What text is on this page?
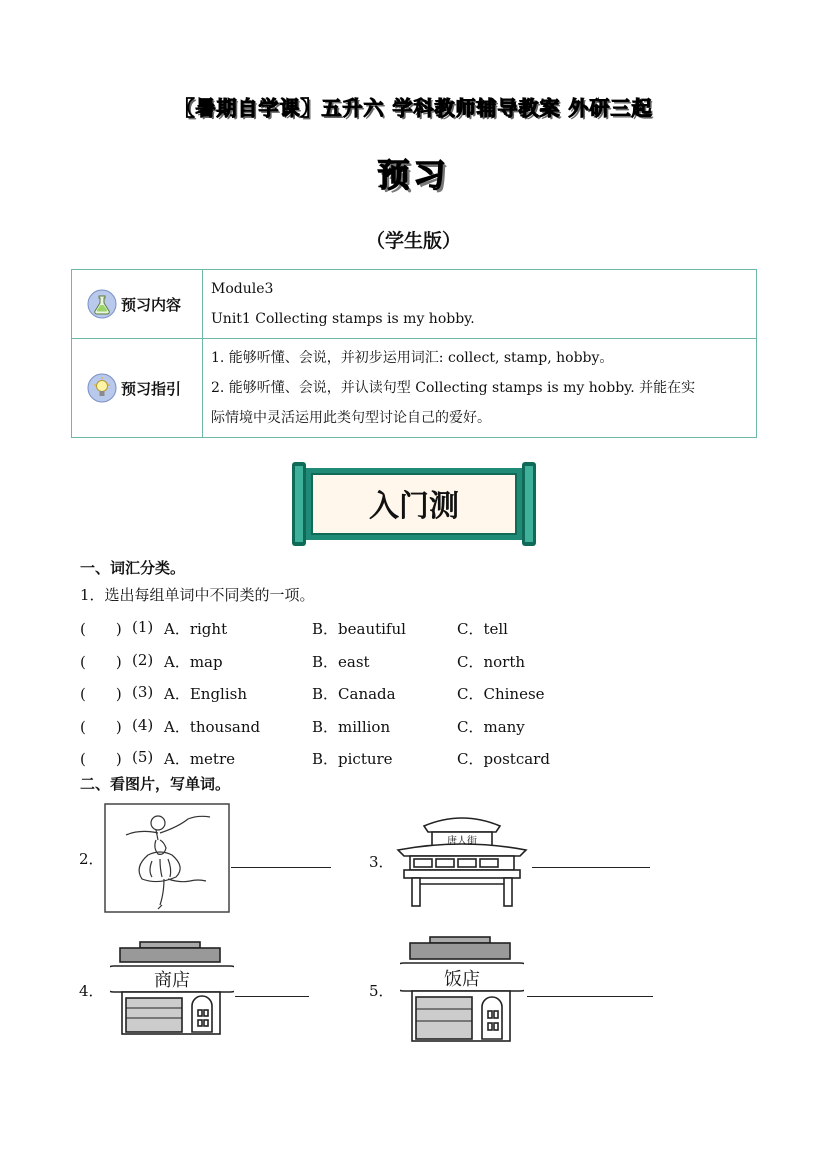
【暑期自学课】五升六 学科教师辅导教案 外研三起
预习
（学生版）
预习内容	Module3
Unit1 Collecting stamps is my hobby.

预习指引	1. 能够听懂、会说，并初步运用词汇: collect, stamp, hobby。
2. 能够听懂、会说，并认读句型 Collecting stamps is my hobby. 并能在实
际情境中灵活运用此类句型讨论自己的爱好。
入门测
一、词汇分类。
1．选出每组单词中不同类的一项。
(　　) (1) A．right	B．beautiful	C．tell
(　　) (2) A．map	B．east	C．north
(　　) (3) A．English	B．Canada	C．Chinese
(　　) (4) A．thousand	B．million	C．many
(　　) (5) A．metre	B．picture	C．postcard
二、看图片，写单词。
2．	3．
唐人街
4．	商店	5．
饭店
